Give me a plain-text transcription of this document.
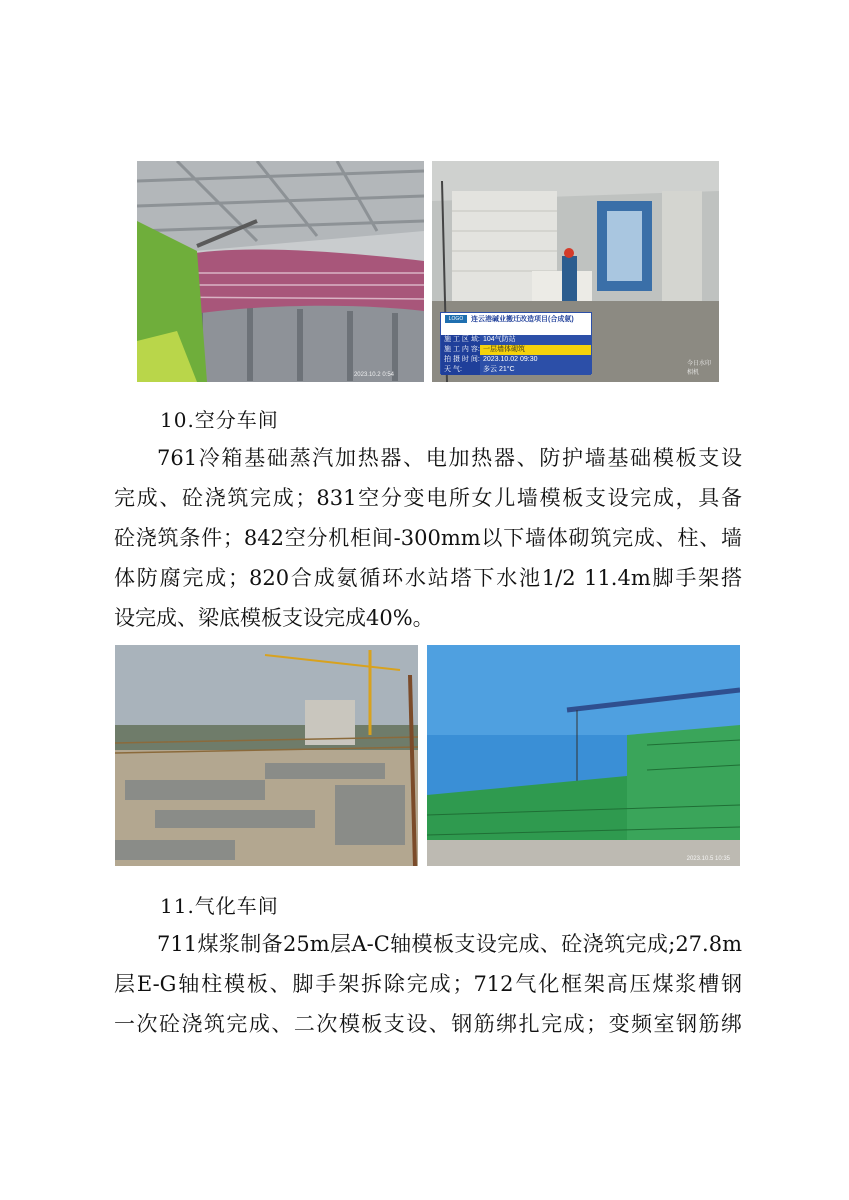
2023.10.2 0:54
今日水印
相机
LOGO	连云港碱业搬迁改造项目(合成氨)
施 工 区 域: 104气防站
施 工 内 容: 一层墙体砌筑
拍 摄 时 间: 2023.10.02 09:30
天 气:	多云 21°C
10.空分车间
761冷箱基础蒸汽加热器、电加热器、防护墙基础模板支设
完成、砼浇筑完成；831空分变电所女儿墙模板支设完成，具备
砼浇筑条件；842空分机柜间-300mm以下墙体砌筑完成、柱、墙
体防腐完成；820合成氨循环水站塔下水池1/2 11.4m脚手架搭
设完成、梁底模板支设完成40%。
2023.10.5 10:35
11.气化车间
711煤浆制备25m层A-C轴模板支设完成、砼浇筑完成;27.8m
层E-G轴柱模板、脚手架拆除完成；712气化框架高压煤浆槽钢
一次砼浇筑完成、二次模板支设、钢筋绑扎完成；变频室钢筋绑
